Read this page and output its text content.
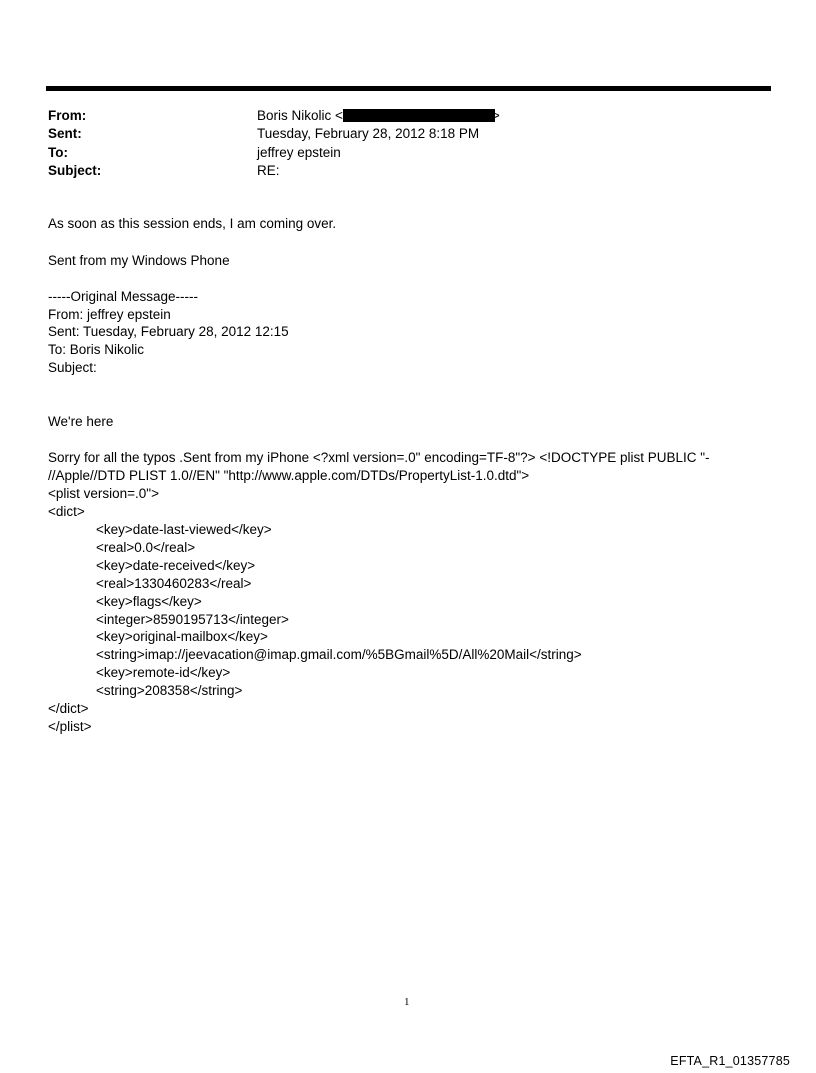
From:	Boris Nikolic <	>
Sent:	Tuesday, February 28, 2012 8:18 PM
To:	jeffrey epstein
Subject:	RE:
As soon as this session ends, I am coming over.
Sent from my Windows Phone
-----Original Message-----
From: jeffrey epstein
Sent: Tuesday, February 28, 2012 12:15
To: Boris Nikolic
Subject:
We're here
Sorry for all the typos .Sent from my iPhone <?xml version=.0" encoding=TF-8"?> <!DOCTYPE plist PUBLIC "-
//Apple//DTD PLIST 1.0//EN" "http://www.apple.com/DTDs/PropertyList-1.0.dtd">
<plist version=.0">
<dict>
<key>date-last-viewed</key>
<real>0.0</real>
<key>date-received</key>
<real>1330460283</real>
<key>flags</key>
<integer>8590195713</integer>
<key>original-mailbox</key>
<string>imap://jeevacation@imap.gmail.com/%5BGmail%5D/All%20Mail</string>
<key>remote-id</key>
<string>208358</string>
</dict>
</plist>
1
EFTA_R1_01357785
